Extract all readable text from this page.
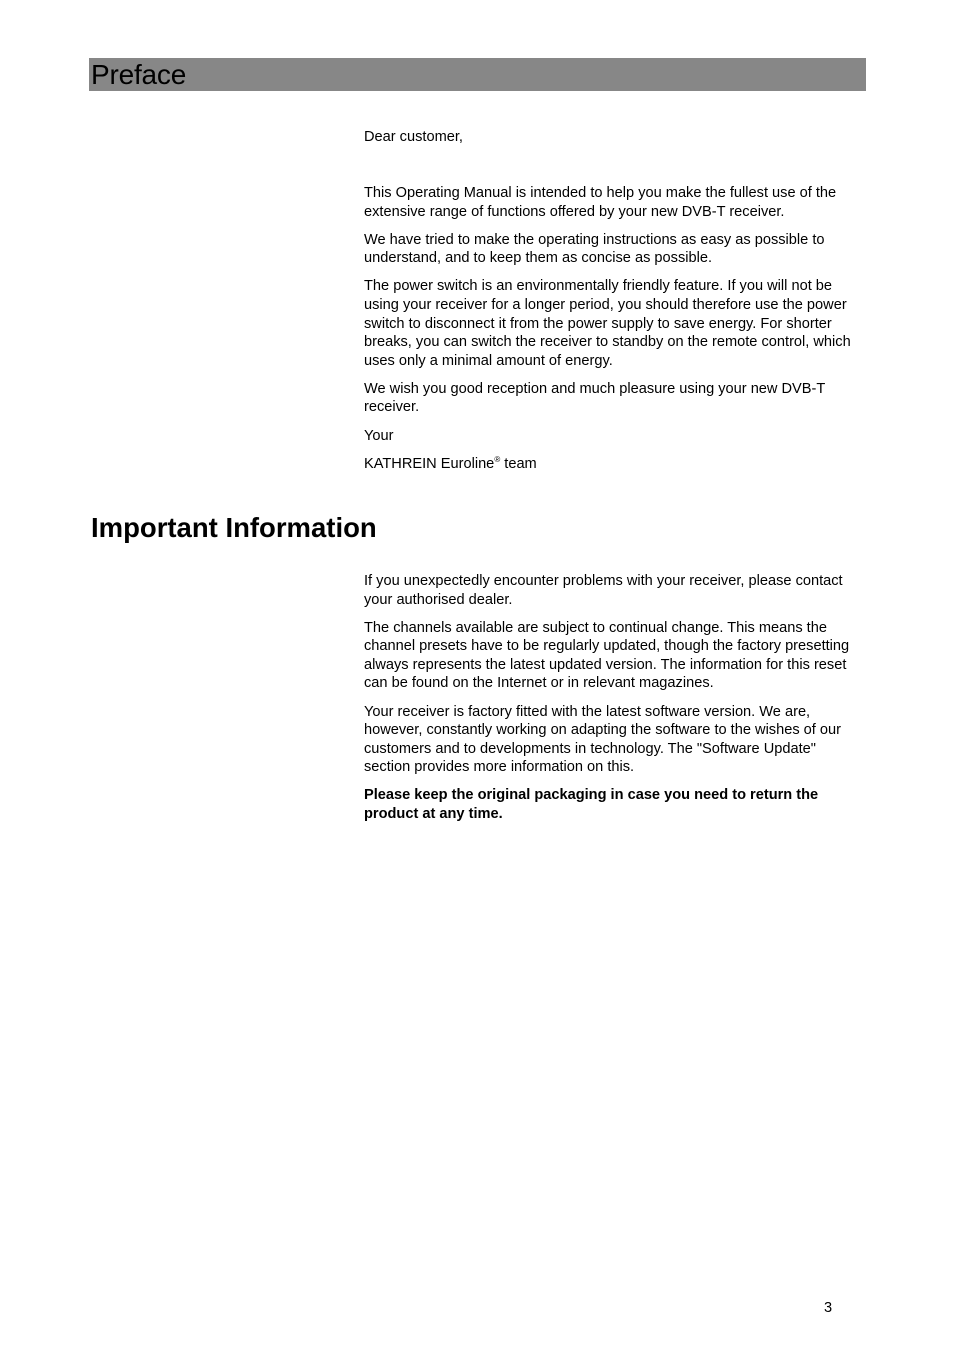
Preface

Dear customer,

This Operating Manual is intended to help you make the fullest use of the extensive range of functions offered by your new DVB-T receiver.

We have tried to make the operating instructions as easy as possible to understand, and to keep them as concise as possible.

The power switch is an environmentally friendly feature. If you will not be using your receiver for a longer period, you should therefore use the power switch to disconnect it from the power supply to save energy. For shorter breaks, you can switch the receiver to standby on the remote control, which uses only a minimal amount of energy.

We wish you good reception and much pleasure using your new DVB-T receiver.

Your

KATHREIN Euroline® team

Important Information

If you unexpectedly encounter problems with your receiver, please contact your authorised dealer.

The channels available are subject to continual change. This means the channel presets have to be regularly updated, though the factory presetting always represents the latest updated version. The information for this reset can be found on the Internet or in relevant magazines.

Your receiver is factory fitted with the latest software version. We are, however, constantly working on adapting the software to the wishes of our customers and to developments in technology. The "Software Update" section provides more information on this.

Please keep the original packaging in case you need to return the product at any time.

3
